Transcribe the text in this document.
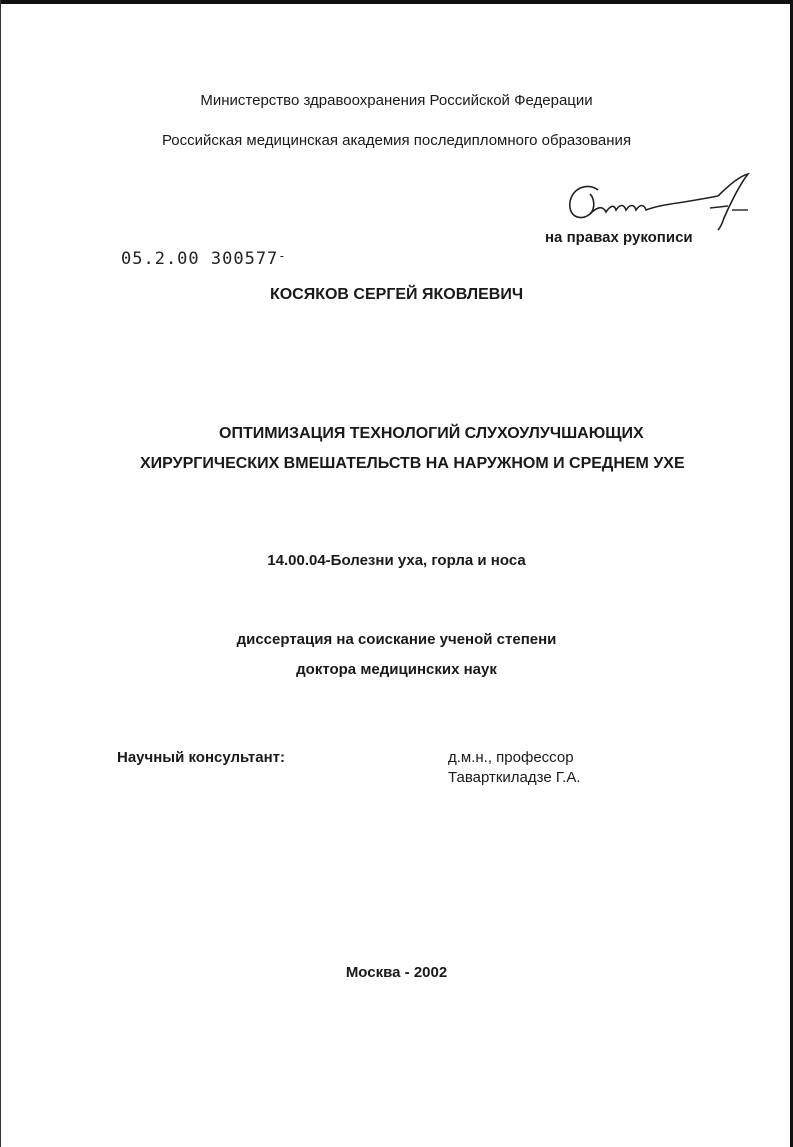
Министерство здравоохранения Российской Федерации
Российская медицинская академия последипломного образования
на правах рукописи
05.2.00 300577-
КОСЯКОВ СЕРГЕЙ ЯКОВЛЕВИЧ
ОПТИМИЗАЦИЯ ТЕХНОЛОГИЙ СЛУХОУЛУЧШАЮЩИХ
ХИРУРГИЧЕСКИХ ВМЕШАТЕЛЬСТВ НА НАРУЖНОМ И СРЕДНЕМ УХЕ
14.00.04-Болезни уха, горла и носа
диссертация на соискание ученой степени
доктора медицинских наук
Научный консультант:	д.м.н., профессор
Таварткиладзе Г.А.
Москва - 2002
